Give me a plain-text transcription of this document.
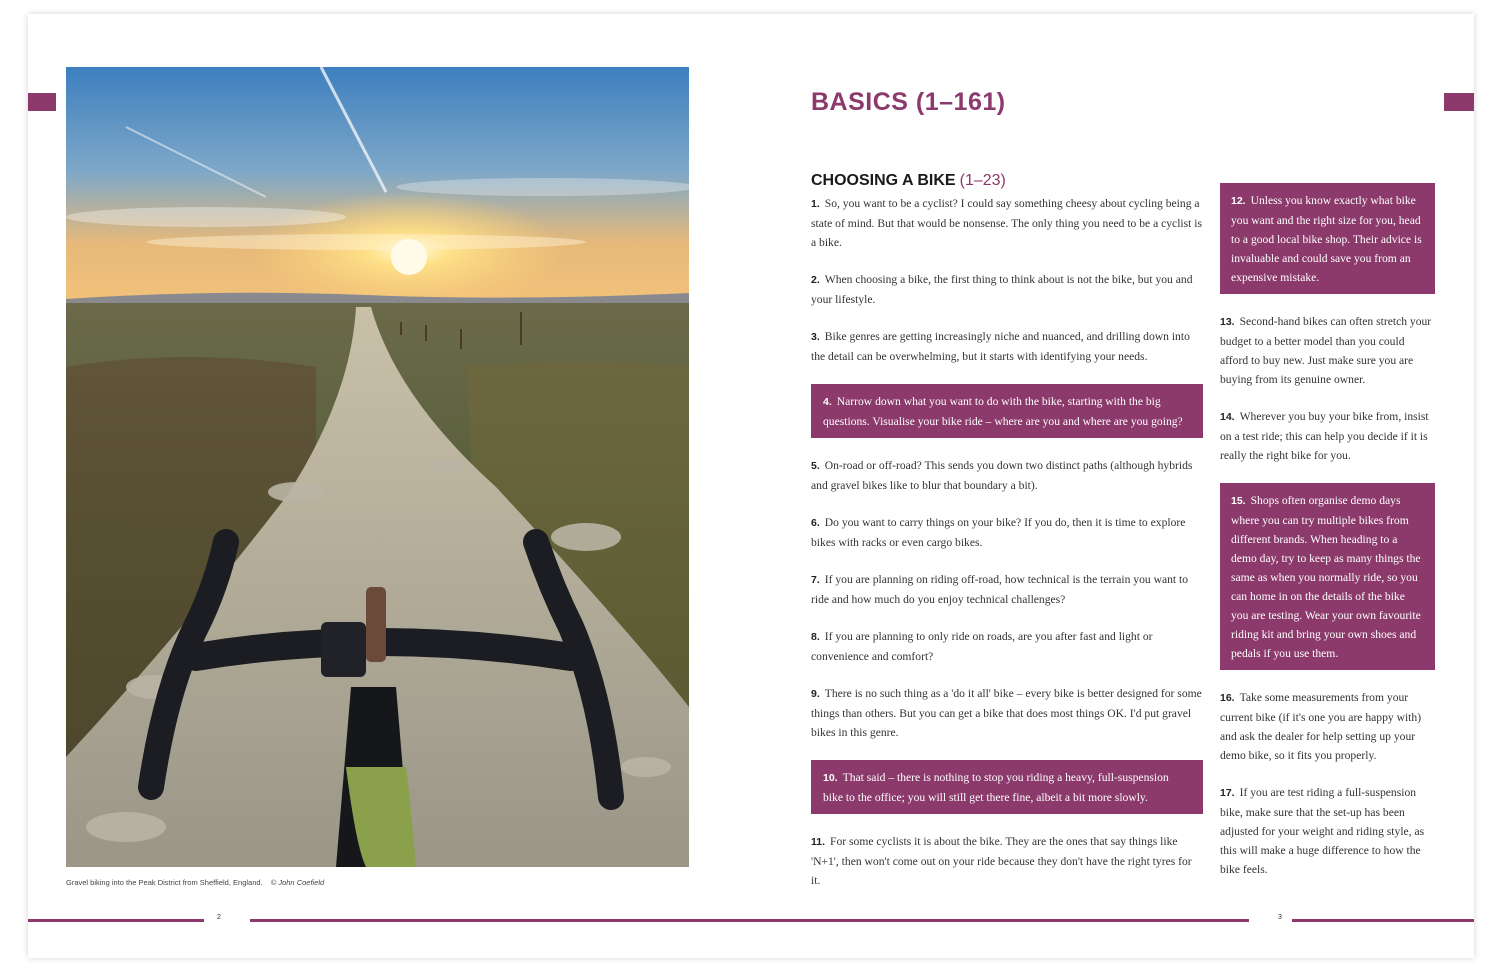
Gravel biking into the Peak District from Sheffield, England. © John Coefield
2	3
BASICS (1–161)
CHOOSING A BIKE (1–23)
1. So, you want to be a cyclist? I could say something cheesy about cycling being a state of mind. But that would be nonsense. The only thing you need to be a cyclist is a bike.
2. When choosing a bike, the first thing to think about is not the bike, but you and your lifestyle.
3. Bike genres are getting increasingly niche and nuanced, and drilling down into the detail can be overwhelming, but it starts with identifying your needs.
4. Narrow down what you want to do with the bike, starting with the big questions. Visualise your bike ride – where are you and where are you going?
5. On-road or off-road? This sends you down two distinct paths (although hybrids and gravel bikes like to blur that boundary a bit).
6. Do you want to carry things on your bike? If you do, then it is time to explore bikes with racks or even cargo bikes.
7. If you are planning on riding off-road, how technical is the terrain you want to ride and how much do you enjoy technical challenges?
8. If you are planning to only ride on roads, are you after fast and light or convenience and comfort?
9. There is no such thing as a 'do it all' bike – every bike is better designed for some things than others. But you can get a bike that does most things OK. I'd put gravel bikes in this genre.
10. That said – there is nothing to stop you riding a heavy, full-suspension bike to the office; you will still get there fine, albeit a bit more slowly.
11. For some cyclists it is about the bike. They are the ones that say things like 'N+1', then won't come out on your ride because they don't have the right tyres for it.
12. Unless you know exactly what bike you want and the right size for you, head to a good local bike shop. Their advice is invaluable and could save you from an expensive mistake.
13. Second-hand bikes can often stretch your budget to a better model than you could afford to buy new. Just make sure you are buying from its genuine owner.
14. Wherever you buy your bike from, insist on a test ride; this can help you decide if it is really the right bike for you.
15. Shops often organise demo days where you can try multiple bikes from different brands. When heading to a demo day, try to keep as many things the same as when you normally ride, so you can home in on the details of the bike you are testing. Wear your own favourite riding kit and bring your own shoes and pedals if you use them.
16. Take some measurements from your current bike (if it's one you are happy with) and ask the dealer for help setting up your demo bike, so it fits you properly.
17. If you are test riding a full-suspension bike, make sure that the set-up has been adjusted for your weight and riding style, as this will make a huge difference to how the bike feels.
